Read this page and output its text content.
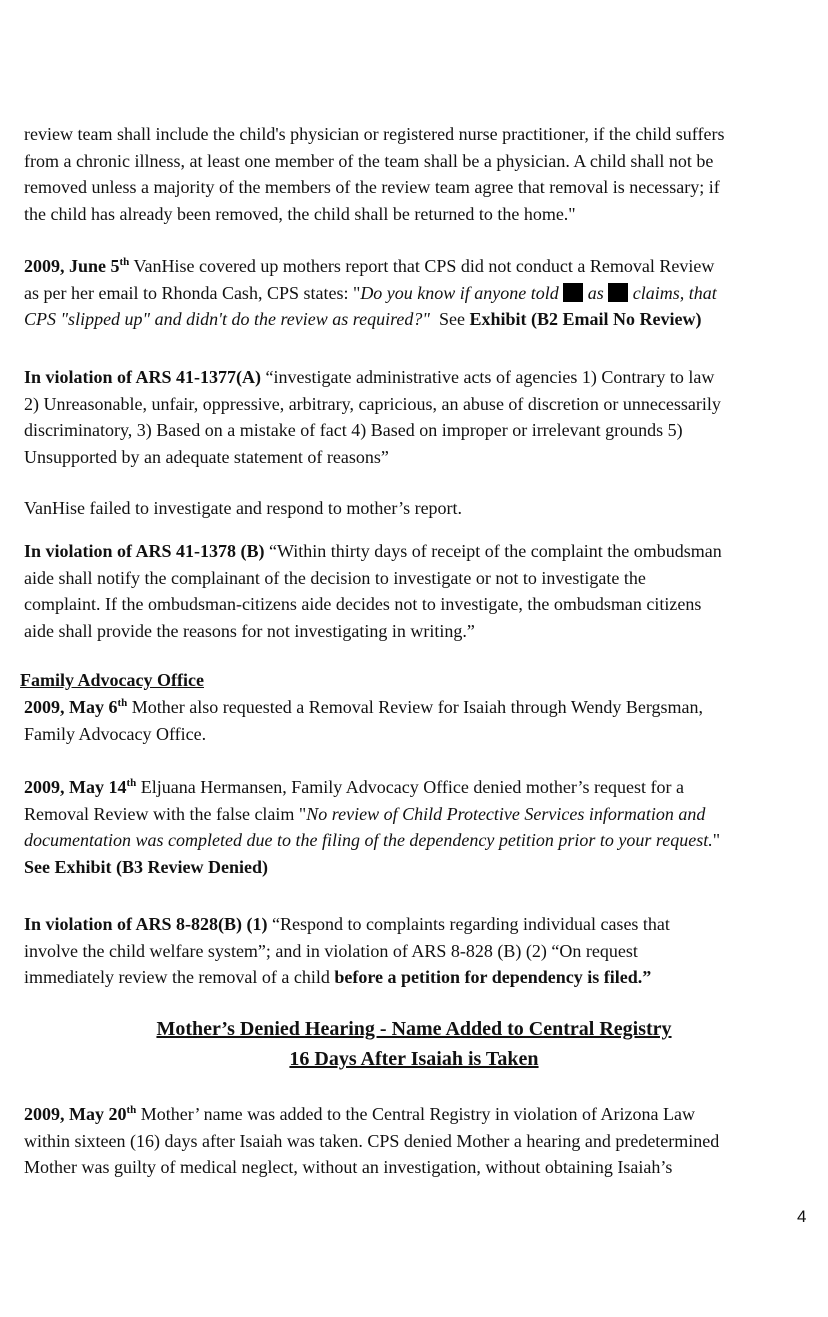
review team shall include the child's physician or registered nurse practitioner, if the child suffers
from a chronic illness, at least one member of the team shall be a physician. A child shall not be
removed unless a majority of the members of the review team agree that removal is necessary; if
the child has already been removed, the child shall be returned to the home."

2009, June 5th VanHise covered up mothers report that CPS did not conduct a Removal Review
as per her email to Rhonda Cash, CPS states: "Do you know if anyone told  as  claims, that
CPS "slipped up" and didn't do the review as required?"  See Exhibit (B2 Email No Review)

In violation of ARS 41-1377(A) “investigate administrative acts of agencies 1) Contrary to law
2) Unreasonable, unfair, oppressive, arbitrary, capricious, an abuse of discretion or unnecessarily
discriminatory, 3) Based on a mistake of fact 4) Based on improper or irrelevant grounds 5)
Unsupported by an adequate statement of reasons”

VanHise failed to investigate and respond to mother’s report.

In violation of ARS 41-1378 (B) “Within thirty days of receipt of the complaint the ombudsman
aide shall notify the complainant of the decision to investigate or not to investigate the
complaint. If the ombudsman-citizens aide decides not to investigate, the ombudsman citizens
aide shall provide the reasons for not investigating in writing.”

Family Advocacy Office

2009, May 6th Mother also requested a Removal Review for Isaiah through Wendy Bergsman,
Family Advocacy Office.

2009, May 14th Eljuana Hermansen, Family Advocacy Office denied mother’s request for a
Removal Review with the false claim "No review of Child Protective Services information and
documentation was completed due to the filing of the dependency petition prior to your request."
See Exhibit (B3 Review Denied)

In violation of ARS 8-828(B) (1) “Respond to complaints regarding individual cases that
involve the child welfare system”; and in violation of ARS 8-828 (B) (2) “On request
immediately review the removal of a child before a petition for dependency is filed.”

Mother’s Denied Hearing - Name Added to Central Registry
16 Days After Isaiah is Taken

2009, May 20th Mother’ name was added to the Central Registry in violation of Arizona Law
within sixteen (16) days after Isaiah was taken. CPS denied Mother a hearing and predetermined
Mother was guilty of medical neglect, without an investigation, without obtaining Isaiah’s

4
